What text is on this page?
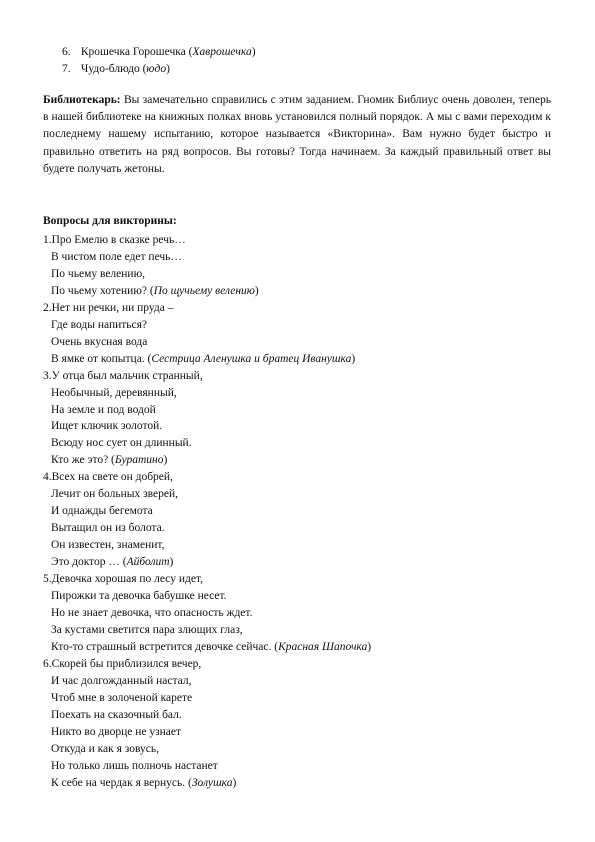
6. Крошечка Горошечка (Хаврошечка)
7. Чудо-блюдо (юдо)
Библиотекарь: Вы замечательно справились с этим заданием. Гномик Библиус очень доволен, теперь в нашей библиотеке на книжных полках вновь установился полный порядок. А мы с вами переходим к последнему нашему испытанию, которое называется «Викторина». Вам нужно будет быстро и правильно ответить на ряд вопросов. Вы готовы? Тогда начинаем. За каждый правильный ответ вы будете получать жетоны.
Вопросы для викторины:
1.Про Емелю в сказке речь…
В чистом поле едет печь…
По чьему велению,
По чьему хотению? (По щучьему велению)
2.Нет ни речки, ни пруда –
Где воды напиться?
Очень вкусная вода
В ямке от копытца. (Сестрица Аленушка и братец Иванушка)
3.У отца был мальчик странный,
Необычный, деревянный,
На земле и под водой
Ищет ключик золотой.
Всюду нос сует он длинный.
Кто же это? (Буратино)
4.Всех на свете он добрей,
Лечит он больных зверей,
И однажды бегемота
Вытащил он из болота.
Он известен, знаменит,
Это доктор … (Айболит)
5.Девочка хорошая по лесу идет,
Пирожки та девочка бабушке несет.
Но не знает девочка, что опасность ждет.
За кустами светится пара злющих глаз,
Кто-то страшный встретится девочке сейчас. (Красная Шапочка)
6.Скорей бы приблизился вечер,
И час долгожданный настал,
Чтоб мне в золоченой карете
Поехать на сказочный бал.
Никто во дворце не узнает
Откуда и как я зовусь,
Но только лишь полночь настанет
К себе на чердак я вернусь. (Золушка)
